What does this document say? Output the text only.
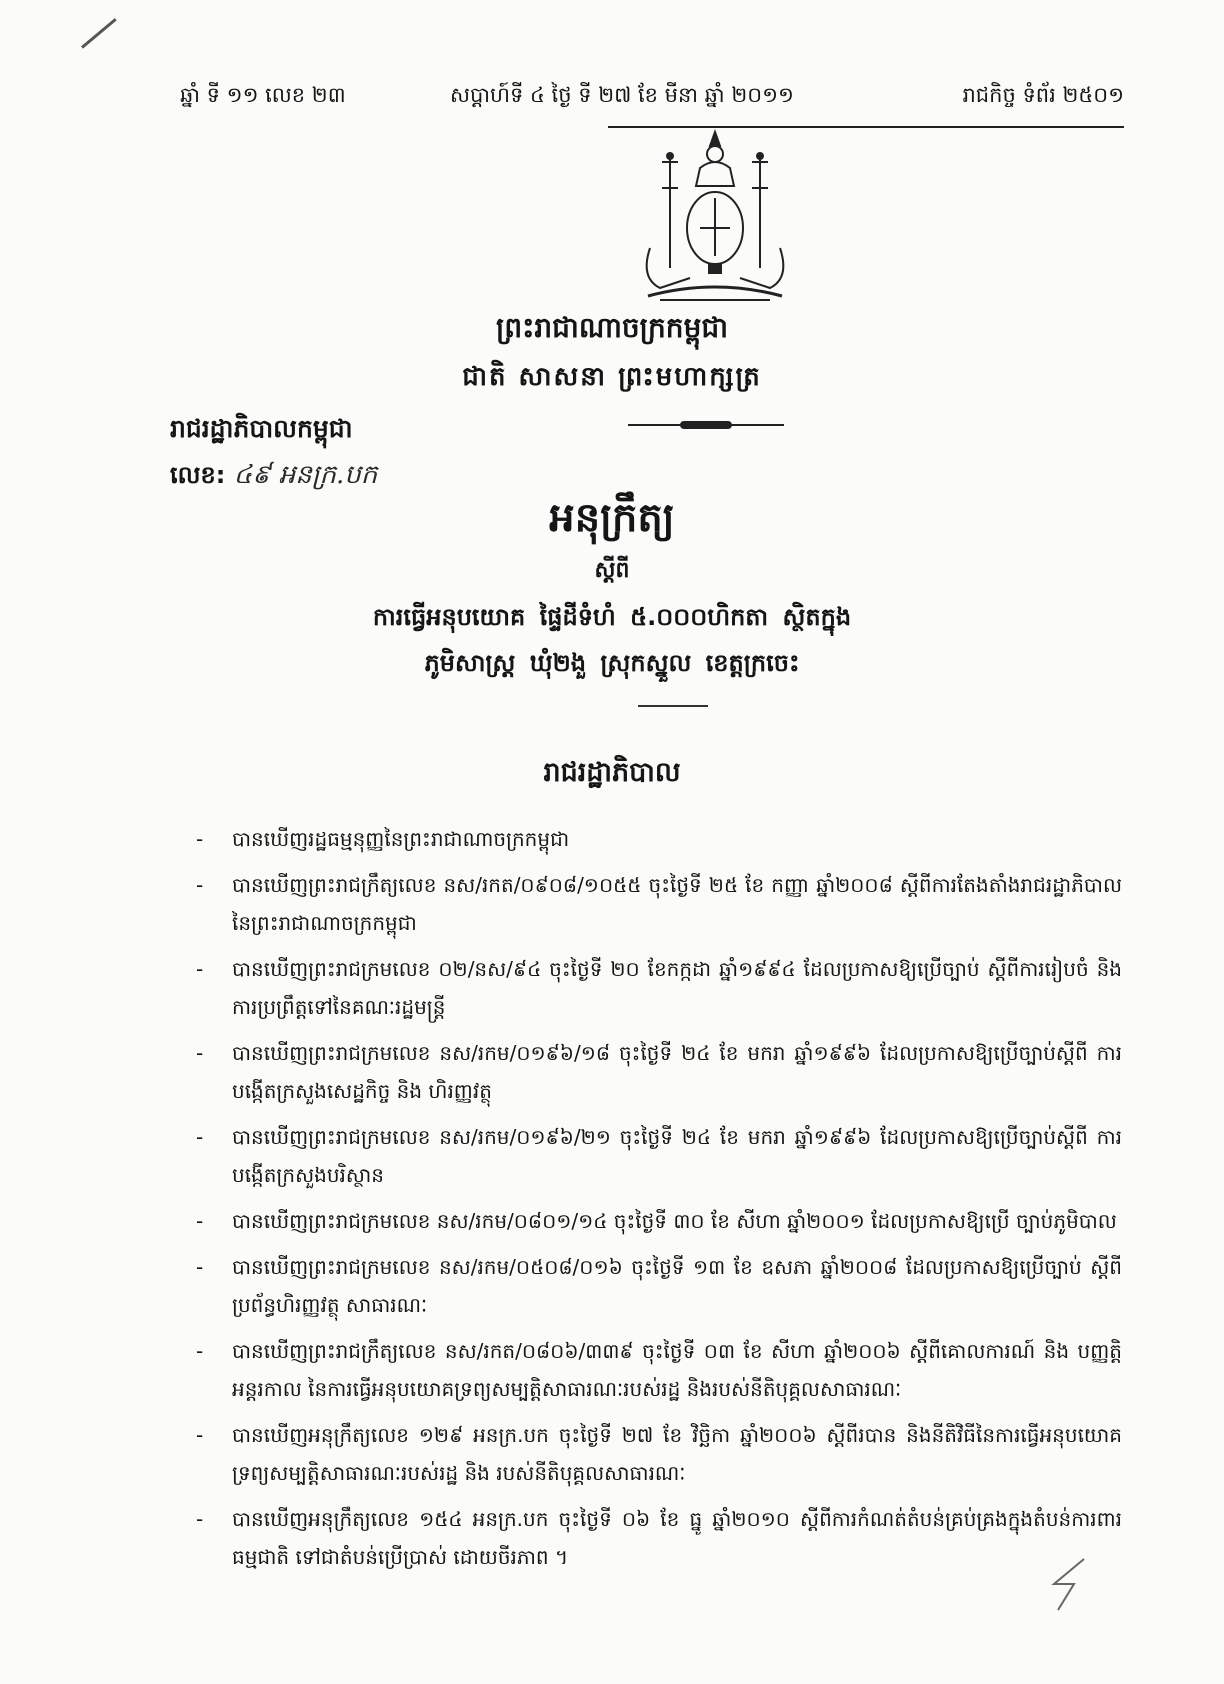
ឆ្នាំ ទី ១១ លេខ ២៣	សប្តាហ៍ទី ៤ ថ្ងៃ ទី ២៧ ខែ មីនា ឆ្នាំ ២០១១	រាជកិច្ច ទំព័រ ២៥០១
ព្រះរាជាណាចក្រកម្ពុជា
ជាតិ សាសនា ព្រះមហាក្សត្រ
រាជរដ្ឋាភិបាលកម្ពុជា
លេខ: ៤៩ អនក្រ.បក
អនុក្រឹត្យ
ស្តីពី
ការធ្វើអនុបយោគ ផ្ទៃដីទំហំ ៥.០០០ហិកតា ស្ថិតក្នុង
ភូមិសាស្ត្រ ឃុំ២ងួ ស្រុកស្នួល ខេត្តក្រចេះ
រាជរដ្ឋាភិបាល
- បានឃើញរដ្ឋធម្មនុញ្ញនៃព្រះរាជាណាចក្រកម្ពុជា
- បានឃើញព្រះរាជក្រឹត្យលេខ នស/រកត/០៩០៨/១០៥៥ ចុះថ្ងៃទី ២៥ ខែ កញ្ញា ឆ្នាំ២០០៨ ស្តីពីការតែងតាំងរាជរដ្ឋាភិបាល នៃព្រះរាជាណាចក្រកម្ពុជា
- បានឃើញព្រះរាជក្រមលេខ ០២/នស/៩៤ ចុះថ្ងៃទី ២០ ខែកក្កដា ឆ្នាំ១៩៩៤ ដែលប្រកាសឱ្យប្រើច្បាប់ ស្តីពីការរៀបចំ និង ការប្រព្រឹត្តទៅនៃគណៈរដ្ឋមន្ត្រី
- បានឃើញព្រះរាជក្រមលេខ នស/រកម/០១៩៦/១៨ ចុះថ្ងៃទី ២៤ ខែ មករា ឆ្នាំ១៩៩៦ ដែលប្រកាសឱ្យប្រើច្បាប់ស្តីពី ការបង្កើតក្រសួងសេដ្ឋកិច្ច និង ហិរញ្ញវត្ថុ
- បានឃើញព្រះរាជក្រមលេខ នស/រកម/០១៩៦/២១ ចុះថ្ងៃទី ២៤ ខែ មករា ឆ្នាំ១៩៩៦ ដែលប្រកាសឱ្យប្រើច្បាប់ស្តីពី ការបង្កើតក្រសួងបរិស្ថាន
- បានឃើញព្រះរាជក្រមលេខ នស/រកម/០៨០១/១៤ ចុះថ្ងៃទី ៣០ ខែ សីហា ឆ្នាំ២០០១ ដែលប្រកាសឱ្យប្រើ ច្បាប់ភូមិបាល
- បានឃើញព្រះរាជក្រមលេខ នស/រកម/០៥០៨/០១៦ ចុះថ្ងៃទី ១៣ ខែ ឧសភា ឆ្នាំ២០០៨ ដែលប្រកាសឱ្យប្រើច្បាប់ ស្តីពីប្រព័ន្ធហិរញ្ញវត្ថុ សាធារណៈ
- បានឃើញព្រះរាជក្រឹត្យលេខ នស/រកត/០៨០៦/៣៣៩ ចុះថ្ងៃទី ០៣ ខែ សីហា ឆ្នាំ២០០៦ ស្តីពីគោលការណ៍ និង បញ្ញត្តិអន្តរកាល នៃការធ្វើអនុបយោគទ្រព្យសម្បត្តិសាធារណៈរបស់រដ្ឋ និងរបស់នីតិបុគ្គលសាធារណៈ
- បានឃើញអនុក្រឹត្យលេខ ១២៩ អនក្រ.បក ចុះថ្ងៃទី ២៧ ខែ វិច្ឆិកា ឆ្នាំ២០០៦ ស្តីពីរបាន និងនីតិវិធីនៃការធ្វើអនុបយោគ ទ្រព្យសម្បត្តិសាធារណៈរបស់រដ្ឋ និង របស់នីតិបុគ្គលសាធារណៈ
- បានឃើញអនុក្រឹត្យលេខ ១៥៤ អនក្រ.បក ចុះថ្ងៃទី ០៦ ខែ ធ្នូ ឆ្នាំ២០១០ ស្តីពីការកំណត់តំបន់គ្រប់គ្រងក្នុងតំបន់ការពារ ធម្មជាតិ ទៅជាតំបន់ប្រើប្រាស់ ដោយចីរភាព ។
